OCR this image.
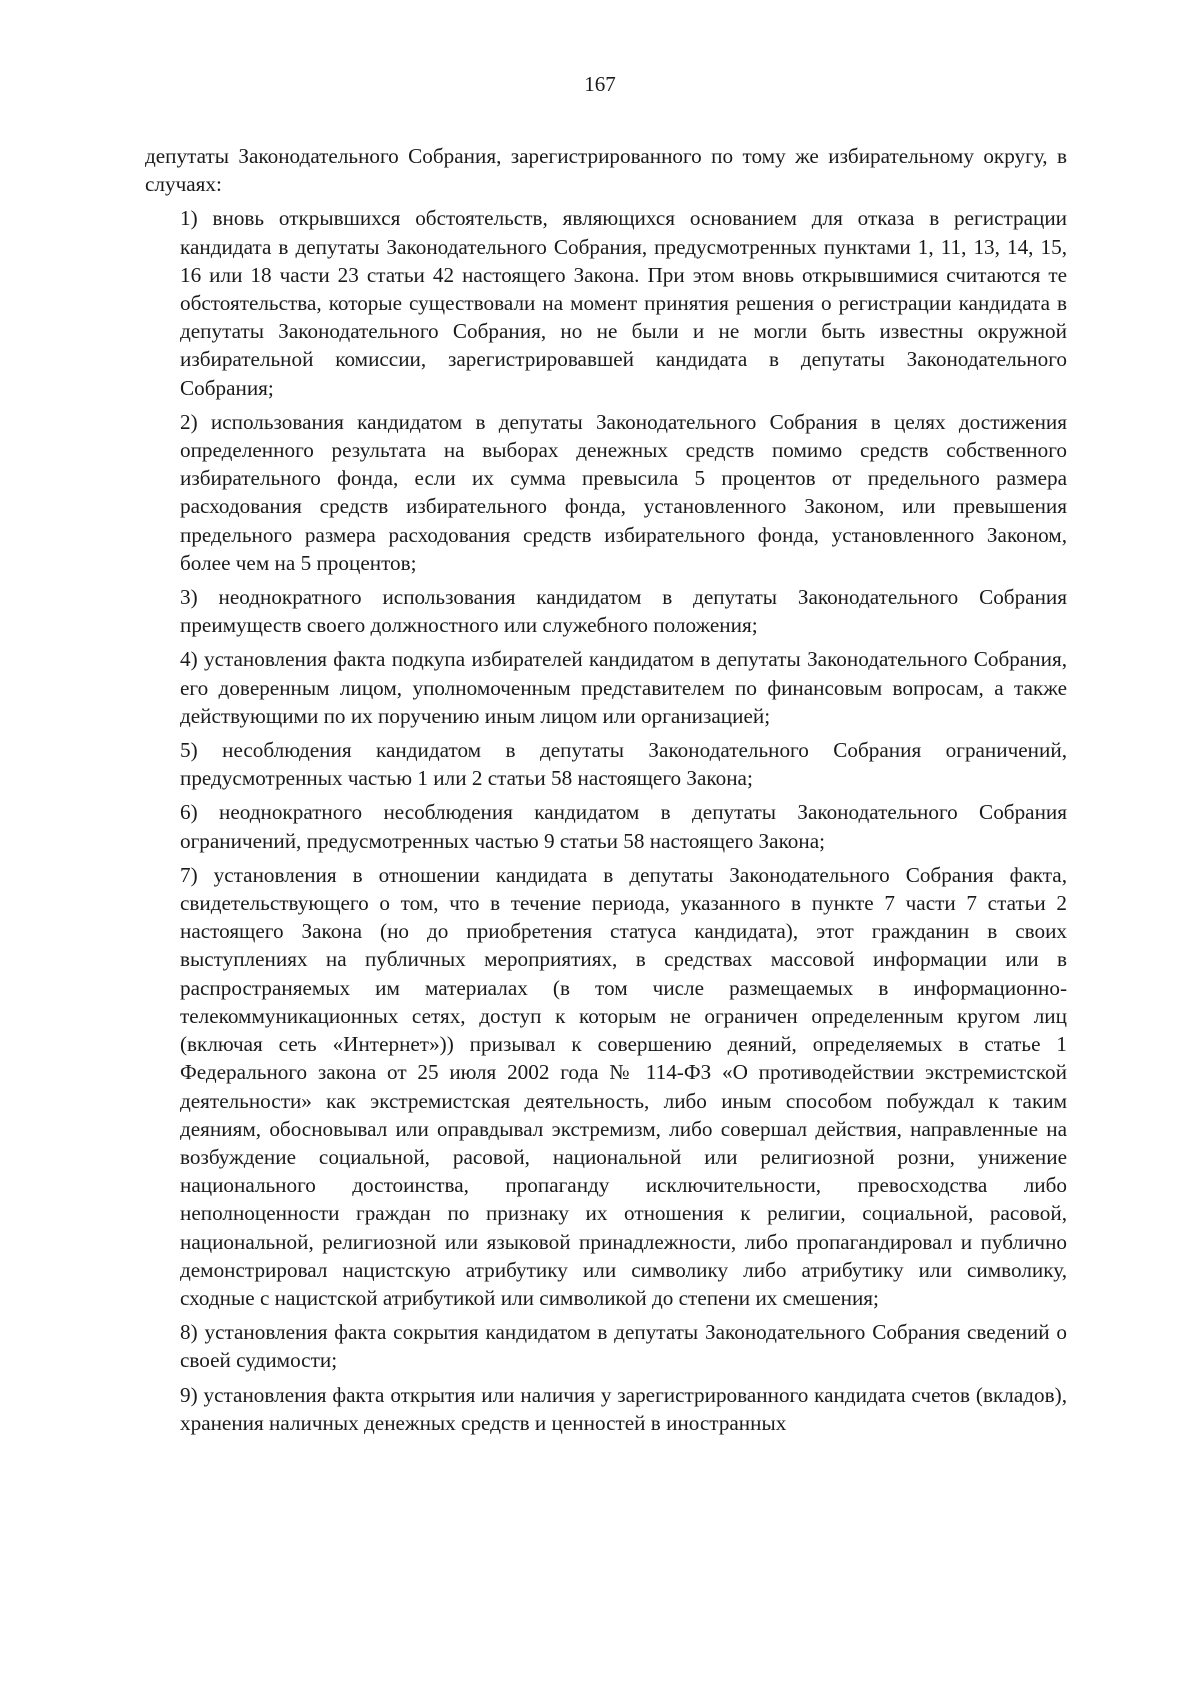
167

депутаты Законодательного Собрания, зарегистрированного по тому же избирательному округу, в случаях:

1) вновь открывшихся обстоятельств, являющихся основанием для отказа в регистрации кандидата в депутаты Законодательного Собрания, предусмотренных пунктами 1, 11, 13, 14, 15, 16 или 18 части 23 статьи 42 настоящего Закона. При этом вновь открывшимися считаются те обстоятельства, которые существовали на момент принятия решения о регистрации кандидата в депутаты Законодательного Собрания, но не были и не могли быть известны окружной избирательной комиссии, зарегистрировавшей кандидата в депутаты Законодательного Собрания;

2) использования кандидатом в депутаты Законодательного Собрания в целях достижения определенного результата на выборах денежных средств помимо средств собственного избирательного фонда, если их сумма превысила 5 процентов от предельного размера расходования средств избирательного фонда, установленного Законом, или превышения предельного размера расходования средств избирательного фонда, установленного Законом, более чем на 5 процентов;

3) неоднократного использования кандидатом в депутаты Законодательного Собрания преимуществ своего должностного или служебного положения;

4) установления факта подкупа избирателей кандидатом в депутаты Законодательного Собрания, его доверенным лицом, уполномоченным представителем по финансовым вопросам, а также действующими по их поручению иным лицом или организацией;

5) несоблюдения кандидатом в депутаты Законодательного Собрания ограничений, предусмотренных частью 1 или 2 статьи 58 настоящего Закона;

6) неоднократного несоблюдения кандидатом в депутаты Законодательного Собрания ограничений, предусмотренных частью 9 статьи 58 настоящего Закона;

7) установления в отношении кандидата в депутаты Законодательного Собрания факта, свидетельствующего о том, что в течение периода, указанного в пункте 7 части 7 статьи 2 настоящего Закона (но до приобретения статуса кандидата), этот гражданин в своих выступлениях на публичных мероприятиях, в средствах массовой информации или в распространяемых им материалах (в том числе размещаемых в информационно-телекоммуникационных сетях, доступ к которым не ограничен определенным кругом лиц (включая сеть «Интернет»)) призывал к совершению деяний, определяемых в статье 1 Федерального закона от 25 июля 2002 года № 114-ФЗ «О противодействии экстремистской деятельности» как экстремистская деятельность, либо иным способом побуждал к таким деяниям, обосновывал или оправдывал экстремизм, либо совершал действия, направленные на возбуждение социальной, расовой, национальной или религиозной розни, унижение национального достоинства, пропаганду исключительности, превосходства либо неполноценности граждан по признаку их отношения к религии, социальной, расовой, национальной, религиозной или языковой принадлежности, либо пропагандировал и публично демонстрировал нацистскую атрибутику или символику либо атрибутику или символику, сходные с нацистской атрибутикой или символикой до степени их смешения;

8) установления факта сокрытия кандидатом в депутаты Законодательного Собрания сведений о своей судимости;

9) установления факта открытия или наличия у зарегистрированного кандидата счетов (вкладов), хранения наличных денежных средств и ценностей в иностранных
